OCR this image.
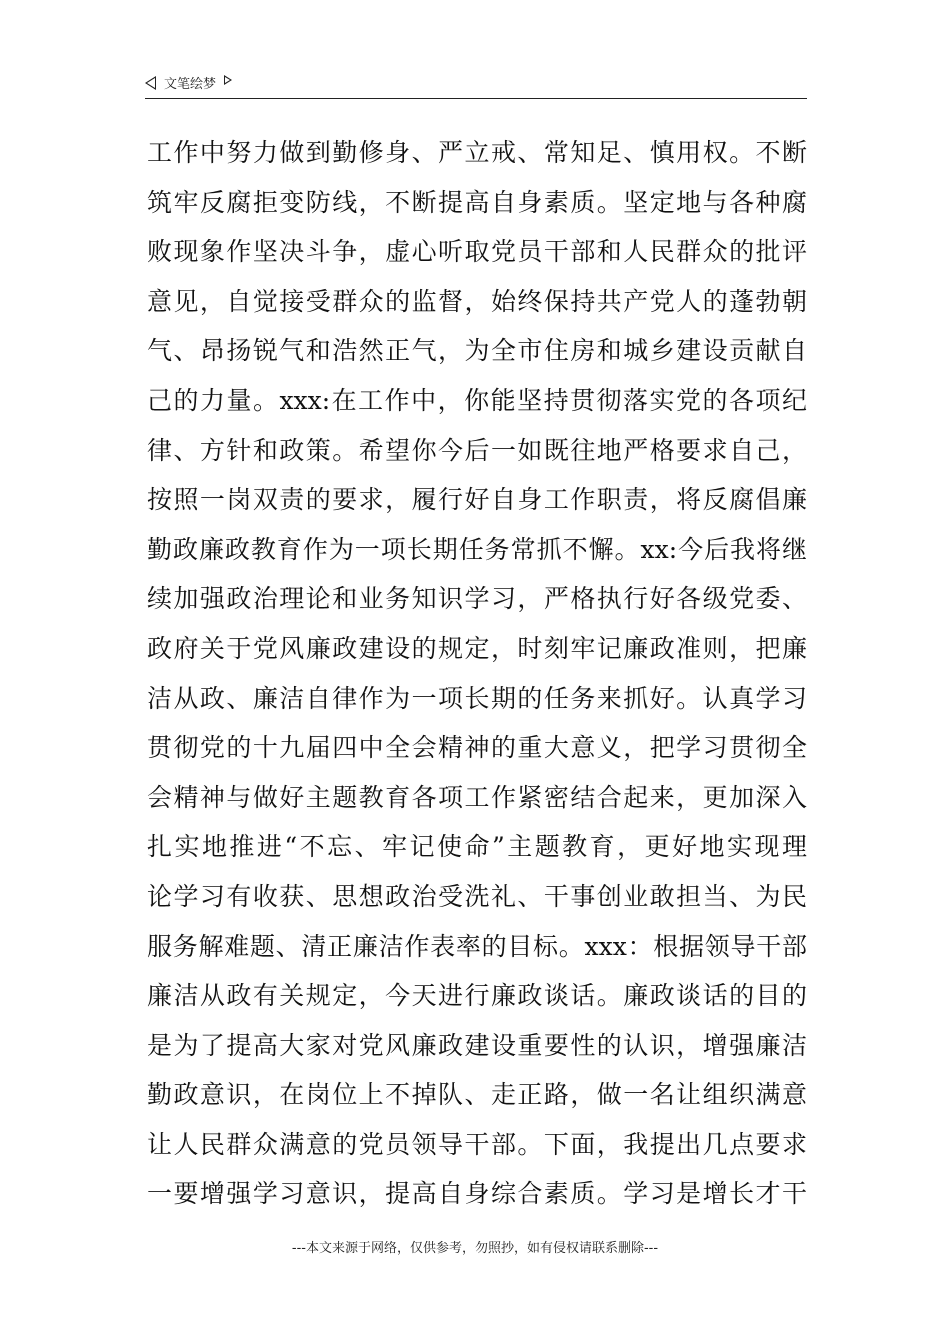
文笔绘梦
工作中努力做到勤修身、严立戒、常知足、慎用权。不断
筑牢反腐拒变防线，不断提高自身素质。坚定地与各种腐
败现象作坚决斗争，虚心听取党员干部和人民群众的批评
意见，自觉接受群众的监督，始终保持共产党人的蓬勃朝
气、昂扬锐气和浩然正气，为全市住房和城乡建设贡献自
己的力量。xxx:在工作中，你能坚持贯彻落实党的各项纪
律、方针和政策。希望你今后一如既往地严格要求自己，
按照一岗双责的要求，履行好自身工作职责，将反腐倡廉
勤政廉政教育作为一项长期任务常抓不懈。xx:今后我将继
续加强政治理论和业务知识学习，严格执行好各级党委、
政府关于党风廉政建设的规定，时刻牢记廉政准则，把廉
洁从政、廉洁自律作为一项长期的任务来抓好。认真学习
贯彻党的十九届四中全会精神的重大意义，把学习贯彻全
会精神与做好主题教育各项工作紧密结合起来，更加深入
扎实地推进“不忘、牢记使命”主题教育，更好地实现理
论学习有收获、思想政治受洗礼、干事创业敢担当、为民
服务解难题、清正廉洁作表率的目标。xxx：根据领导干部
廉洁从政有关规定，今天进行廉政谈话。廉政谈话的目的
是为了提高大家对党风廉政建设重要性的认识，增强廉洁
勤政意识，在岗位上不掉队、走正路，做一名让组织满意
让人民群众满意的党员领导干部。下面，我提出几点要求
一要增强学习意识，提高自身综合素质。学习是增长才干
---本文来源于网络，仅供参考，勿照抄，如有侵权请联系删除---
